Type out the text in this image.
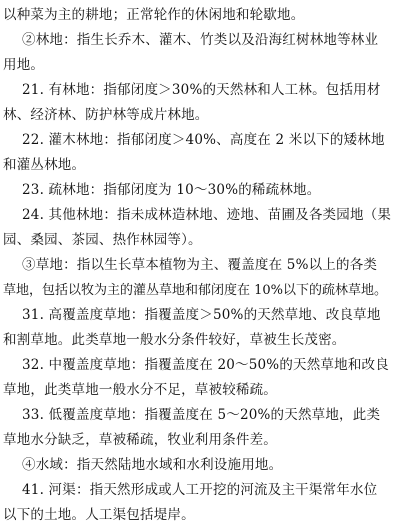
以种菜为主的耕地；正常轮作的休闲地和轮歇地。
②林地：指生长乔木、灌木、竹类以及沿海红树林地等林业
用地。
21. 有林地：指郁闭度＞30%的天然林和人工林。包括用材
林、经济林、防护林等成片林地。
22. 灌木林地：指郁闭度＞40%、高度在 2 米以下的矮林地
和灌丛林地。
23. 疏林地：指郁闭度为 10～30%的稀疏林地。
24. 其他林地：指未成林造林地、迹地、苗圃及各类园地（果
园、桑园、茶园、热作林园等）。
③草地：指以生长草本植物为主、覆盖度在 5%以上的各类
草地，包括以牧为主的灌丛草地和郁闭度在 10%以下的疏林草地。
31. 高覆盖度草地：指覆盖度＞50%的天然草地、改良草地
和割草地。此类草地一般水分条件较好，草被生长茂密。
32. 中覆盖度草地：指覆盖度在 20～50%的天然草地和改良
草地，此类草地一般水分不足，草被较稀疏。
33. 低覆盖度草地：指覆盖度在 5～20%的天然草地，此类
草地水分缺乏，草被稀疏，牧业利用条件差。
④水域：指天然陆地水域和水利设施用地。
41. 河渠：指天然形成或人工开挖的河流及主干渠常年水位
以下的土地。人工渠包括堤岸。
